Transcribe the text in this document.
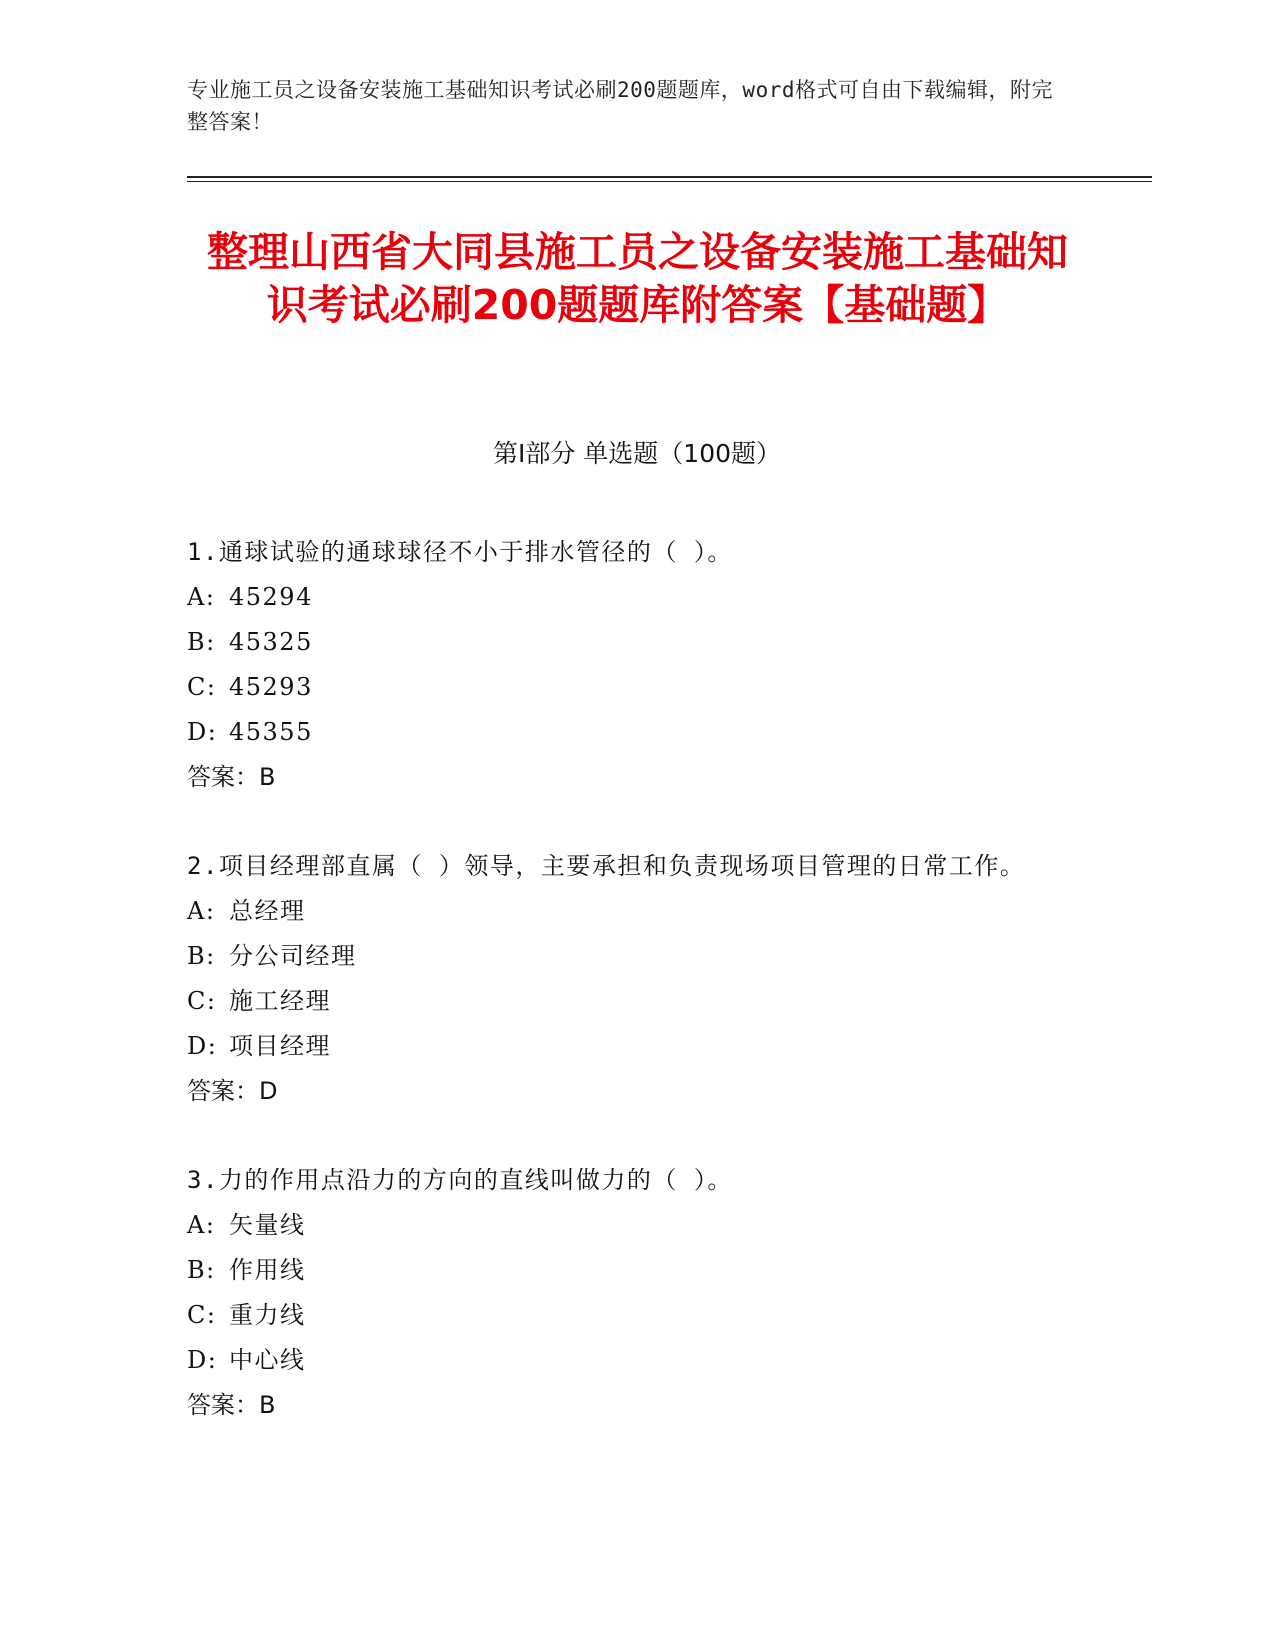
专业施工员之设备安装施工基础知识考试必刷200题题库，word格式可自由下载编辑，附完整答案！
整理山西省大同县施工员之设备安装施工基础知识考试必刷200题题库附答案【基础题】
第Ⅰ部分 单选题（100题）

1.通球试验的通球球径不小于排水管径的（ ）。

A: 45294
B: 45325
C: 45293
D: 45355
答案：B

2.项目经理部直属（ ）领导，主要承担和负责现场项目管理的日常工作。

A: 总经理
B: 分公司经理
C: 施工经理
D: 项目经理
答案：D

3.力的作用点沿力的方向的直线叫做力的（ ）。

A: 矢量线
B: 作用线
C: 重力线
D: 中心线
答案：B
